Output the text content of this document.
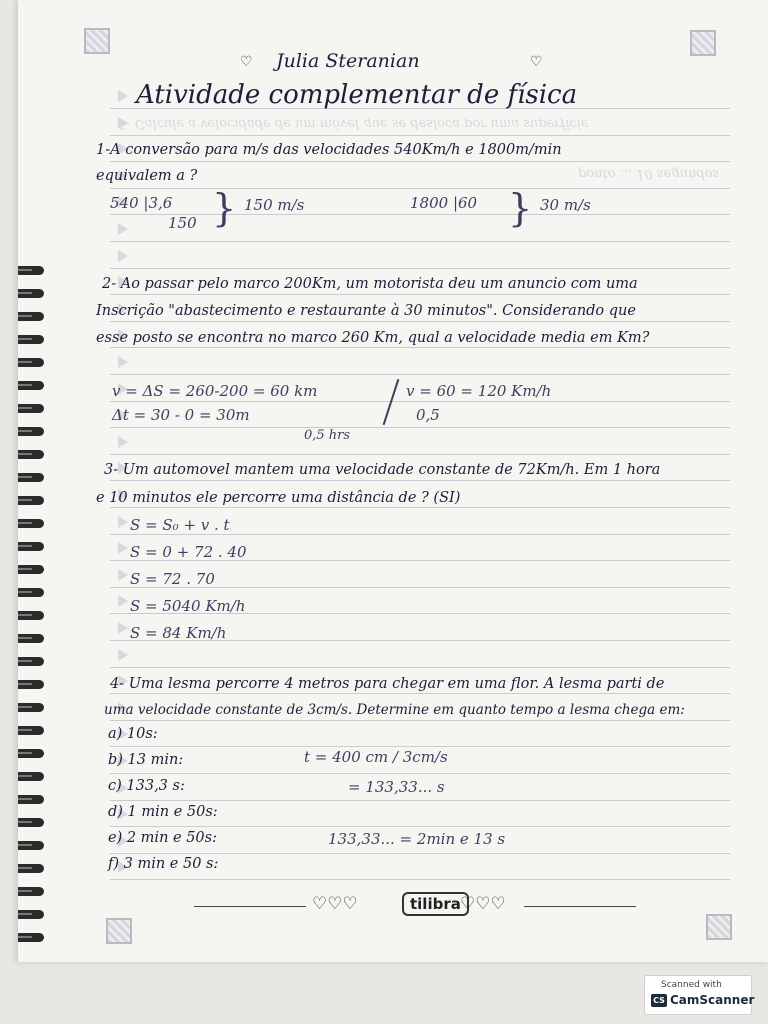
5- Calcule a velocidade de um móvel que se desloca por uma superfície
ponto ... 10 segundos
♡ Julia Steranian	♡
Atividade complementar de física
1-A conversão para m/s das velocidades 540Km/h e 1800m/min
equivalem a ?
540 |3,6
150 } 150 m/s	1800 |60 } 30 m/s
2- Ao passar pelo marco 200Km, um motorista deu um anuncio com uma
Inscrição "abastecimento e restaurante à 30 minutos". Considerando que
esse posto se encontra no marco 260 Km, qual a velocidade media em Km?
v = ΔS = 260-200 = 60 km
Δt = 30 - 0 = 30m
0,5 hrs
v = 60 = 120 Km/h
0,5
3- Um automovel mantem uma velocidade constante de 72Km/h. Em 1 hora
e 10 minutos ele percorre uma distância de ? (SI)
S = S₀ + v . t
S = 0 + 72 . 40
S = 72 . 70
S = 5040 Km/h
S = 84 Km/h
4- Uma lesma percorre 4 metros para chegar em uma flor. A lesma parti de
uma velocidade constante de 3cm/s. Determine em quanto tempo a lesma chega em:
a) 10s:
b) 13 min:
c) 133,3 s:
d) 1 min e 50s:
e) 2 min e 50s:
f) 3 min e 50 s:
t = 400 cm / 3cm/s
= 133,33... s
133,33... = 2min e 13 s
♡♡♡	tilibra ♡♡♡
Scanned with
CS CamScanner
